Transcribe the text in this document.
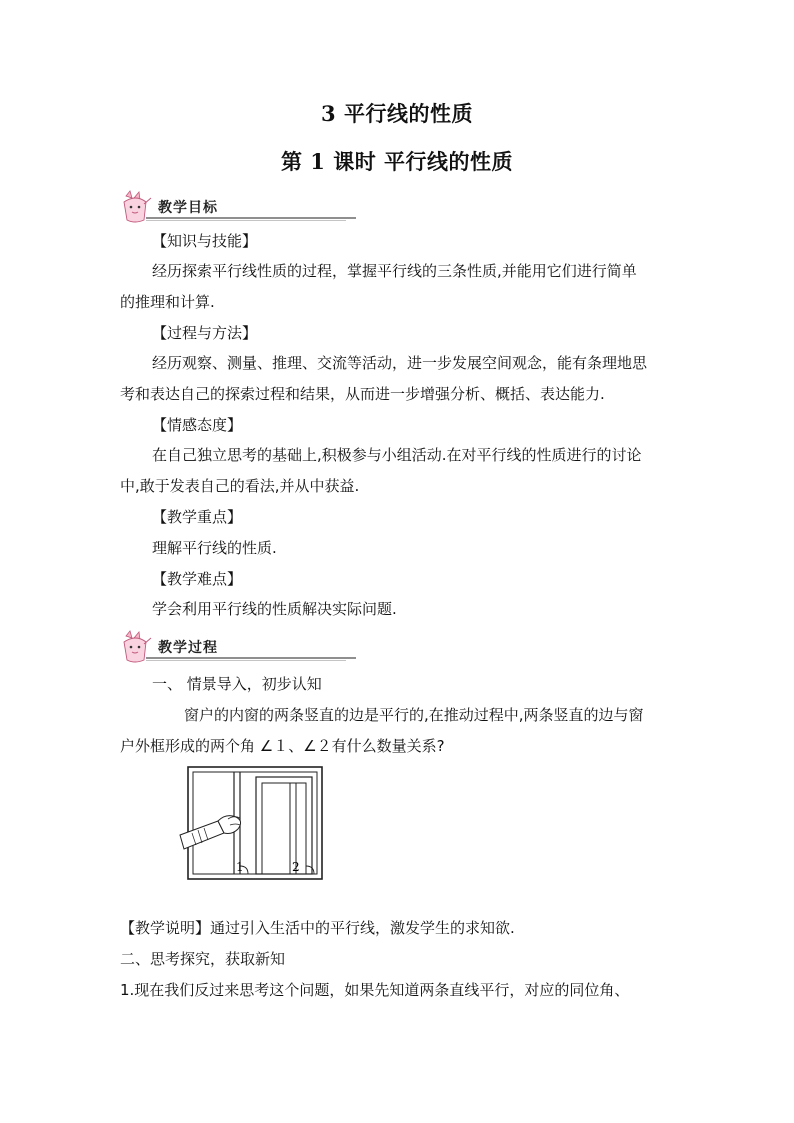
3 平行线的性质
第 1 课时 平行线的性质
教学目标
【知识与技能】
经历探索平行线性质的过程，掌握平行线的三条性质,并能用它们进行简单
的推理和计算.
【过程与方法】
经历观察、测量、推理、交流等活动，进一步发展空间观念，能有条理地思
考和表达自己的探索过程和结果，从而进一步增强分析、概括、表达能力.
【情感态度】
在自己独立思考的基础上,积极参与小组活动.在对平行线的性质进行的讨论
中,敢于发表自己的看法,并从中获益.
【教学重点】
理解平行线的性质.
【教学难点】
学会利用平行线的性质解决实际问题.
教学过程
一、 情景导入，初步认知
窗户的内窗的两条竖直的边是平行的,在推动过程中,两条竖直的边与窗
户外框形成的两个角 ∠１、∠２有什么数量关系?
1	2
【教学说明】通过引入生活中的平行线，激发学生的求知欲.
二、思考探究，获取新知
1.现在我们反过来思考这个问题，如果先知道两条直线平行，对应的同位角、
